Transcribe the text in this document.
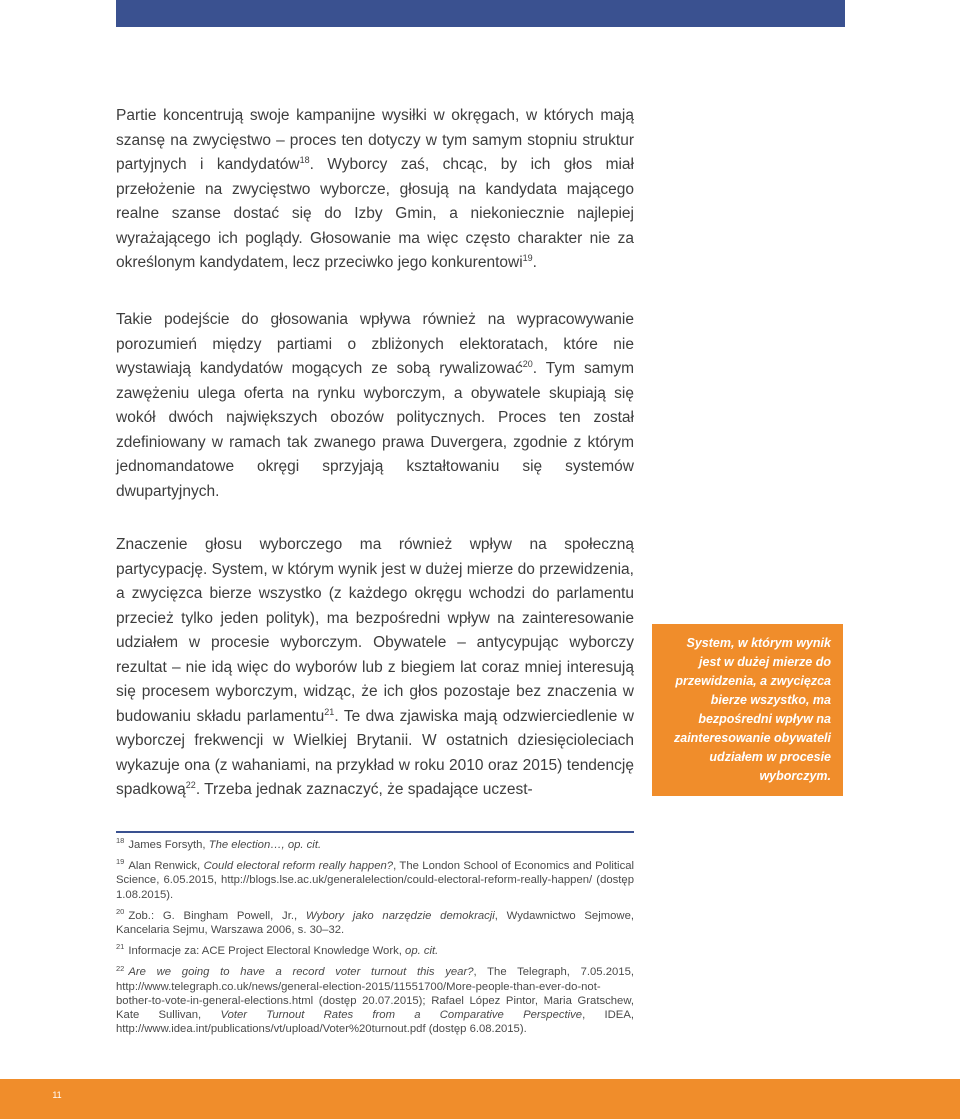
Partie koncentrują swoje kampanijne wysiłki w okręgach, w których mają szansę na zwycięstwo – proces ten dotyczy w tym samym stopniu struktur partyjnych i kandydatów$^{18}$. Wyborcy zaś, chcąc, by ich głos miał przełożenie na zwycięstwo wyborcze, głosują na kandydata mającego realne szanse dostać się do Izby Gmin, a niekoniecznie najlepiej wyrażającego ich poglądy. Głosowanie ma więc często charakter nie za określonym kandydatem, lecz przeciwko jego konkurentowi$^{19}$.

Takie podejście do głosowania wpływa również na wypracowywanie porozumień między partiami o zbliżonych elektoratach, które nie wystawiają kandydatów mogących ze sobą rywalizować$^{20}$. Tym samym zawężeniu ulega oferta na rynku wyborczym, a obywatele skupiają się wokół dwóch największych obozów politycznych. Proces ten został zdefiniowany w ramach tak zwanego prawa Duvergera, zgodnie z którym jednomandatowe okręgi sprzyjają kształtowaniu się systemów dwupartyjnych.

Znaczenie głosu wyborczego ma również wpływ na społeczną partycypację. System, w którym wynik jest w dużej mierze do przewidzenia, a zwycięzca bierze wszystko (z każdego okręgu wchodzi do parlamentu przecież tylko jeden polityk), ma bezpośredni wpływ na zainteresowanie udziałem w procesie wyborczym. Obywatele – antycypując wyborczy rezultat – nie idą więc do wyborów lub z biegiem lat coraz mniej interesują się procesem wyborczym, widząc, że ich głos pozostaje bez znaczenia w budowaniu składu parlamentu$^{21}$. Te dwa zjawiska mają odzwierciedlenie w wyborczej frekwencji w Wielkiej Brytanii. W ostatnich dziesięcioleciach wykazuje ona (z wahaniami, na przykład w roku 2010 oraz 2015) tendencję spadkową$^{22}$. Trzeba jednak zaznaczyć, że spadające uczest-

System, w którym wynik jest w dużej mierze do przewidzenia, a zwycięzca bierze wszystko, ma bezpośredni wpływ na zainteresowanie obywateli udziałem w procesie wyborczym.

$^{18}$ James Forsyth, The election…, op. cit.

$^{19}$ Alan Renwick, Could electoral reform really happen?, The London School of Economics and Political Science, 6.05.2015, http://blogs.lse.ac.uk/generalelection/could-electoral-reform-really-happen/ (dostęp 1.08.2015).

$^{20}$ Zob.: G. Bingham Powell, Jr., Wybory jako narzędzie demokracji, Wydawnictwo Sejmowe, Kancelaria Sejmu, Warszawa 2006, s. 30–32.

$^{21}$ Informacje za: ACE Project Electoral Knowledge Work, op. cit.

$^{22}$ Are we going to have a record voter turnout this year?, The Telegraph, 7.05.2015, http://www.telegraph.co.uk/news/general-election-2015/11551700/More-people-than-ever-do-not-bother-to-vote-in-general-elections.html (dostęp 20.07.2015); Rafael López Pintor, Maria Gratschew, Kate Sullivan, Voter Turnout Rates from a Comparative Perspective, IDEA, http://www.idea.int/publications/vt/upload/Voter%20turnout.pdf (dostęp 6.08.2015).

11
